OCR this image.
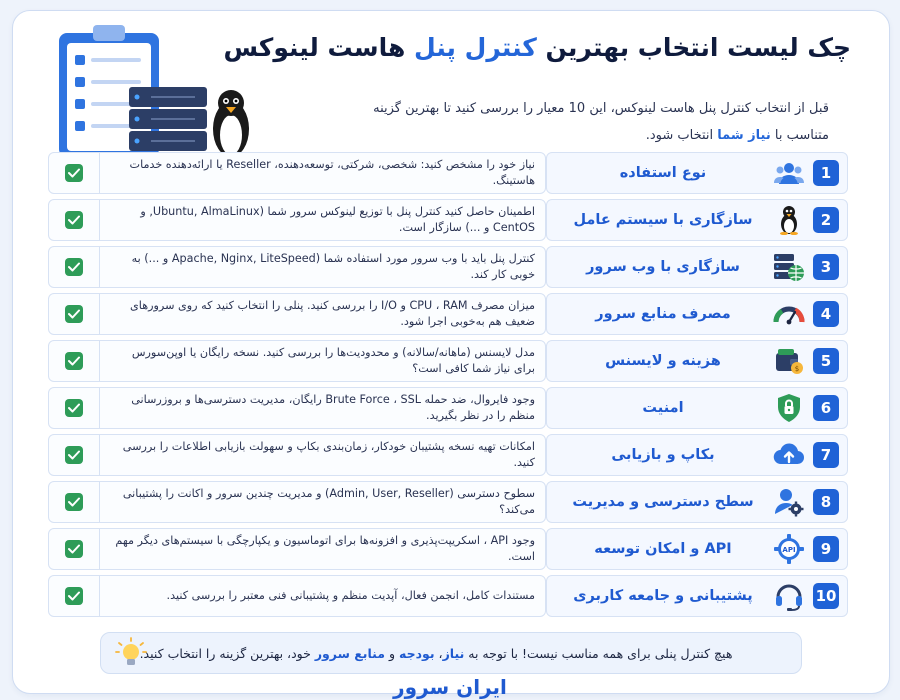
چک لیست انتخاب بهترین کنترل پنل هاست لینوکس
قبل از انتخاب کنترل پنل هاست لینوکس، این 10 معیار را بررسی کنید تا بهترین گزینه
متناسب با نیاز شما انتخاب شود.
1
نوع استفاده
نیاز خود را مشخص کنید: شخصی، شرکتی، توسعه‌دهنده، Reseller یا ارائه‌دهنده خدمات هاستینگ.
2
سازگاری با سیستم عامل
اطمینان حاصل کنید کنترل پنل با توزیع لینوکس سرور شما (Ubuntu, AlmaLinux, و CentOS و ...) سازگار است.
3
سازگاری با وب سرور
کنترل پنل باید با وب سرور مورد استفاده شما (Apache, Nginx, LiteSpeed و ...) به خوبی کار کند.
4
مصرف منابع سرور
میزان مصرف CPU ، RAM و I/O را بررسی کنید. پنلی را انتخاب کنید که روی سرورهای ضعیف هم به‌خوبی اجرا شود.
5
$
هزینه و لایسنس
مدل لایسنس (ماهانه/سالانه) و محدودیت‌ها را بررسی کنید. نسخه رایگان یا اوپن‌سورس برای نیاز شما کافی است؟
6
امنیت
وجود فایروال، ضد حمله Brute Force ، SSL رایگان، مدیریت دسترسی‌ها و بروزرسانی منظم را در نظر بگیرید.
7
بکاپ و بازیابی
امکانات تهیه نسخه پشتیبان خودکار، زمان‌بندی بکاپ و سهولت بازیابی اطلاعات را بررسی کنید.
8
سطح دسترسی و مدیریت
سطوح دسترسی (Admin, User, Reseller) و مدیریت چندین سرور و اکانت را پشتیبانی می‌کند؟
9
API
API و امکان توسعه
وجود API ، اسکریپت‌پذیری و افزونه‌ها برای اتوماسیون و یکپارچگی با سیستم‌های دیگر مهم است.
10
پشتیبانی و جامعه کاربری
مستندات کامل، انجمن فعال، آپدیت منظم و پشتیبانی فنی معتبر را بررسی کنید.
هیچ کنترل پنلی برای همه مناسب نیست! با توجه به نیاز، بودجه و منابع سرور خود، بهترین گزینه را انتخاب کنید.
ایران سرور
